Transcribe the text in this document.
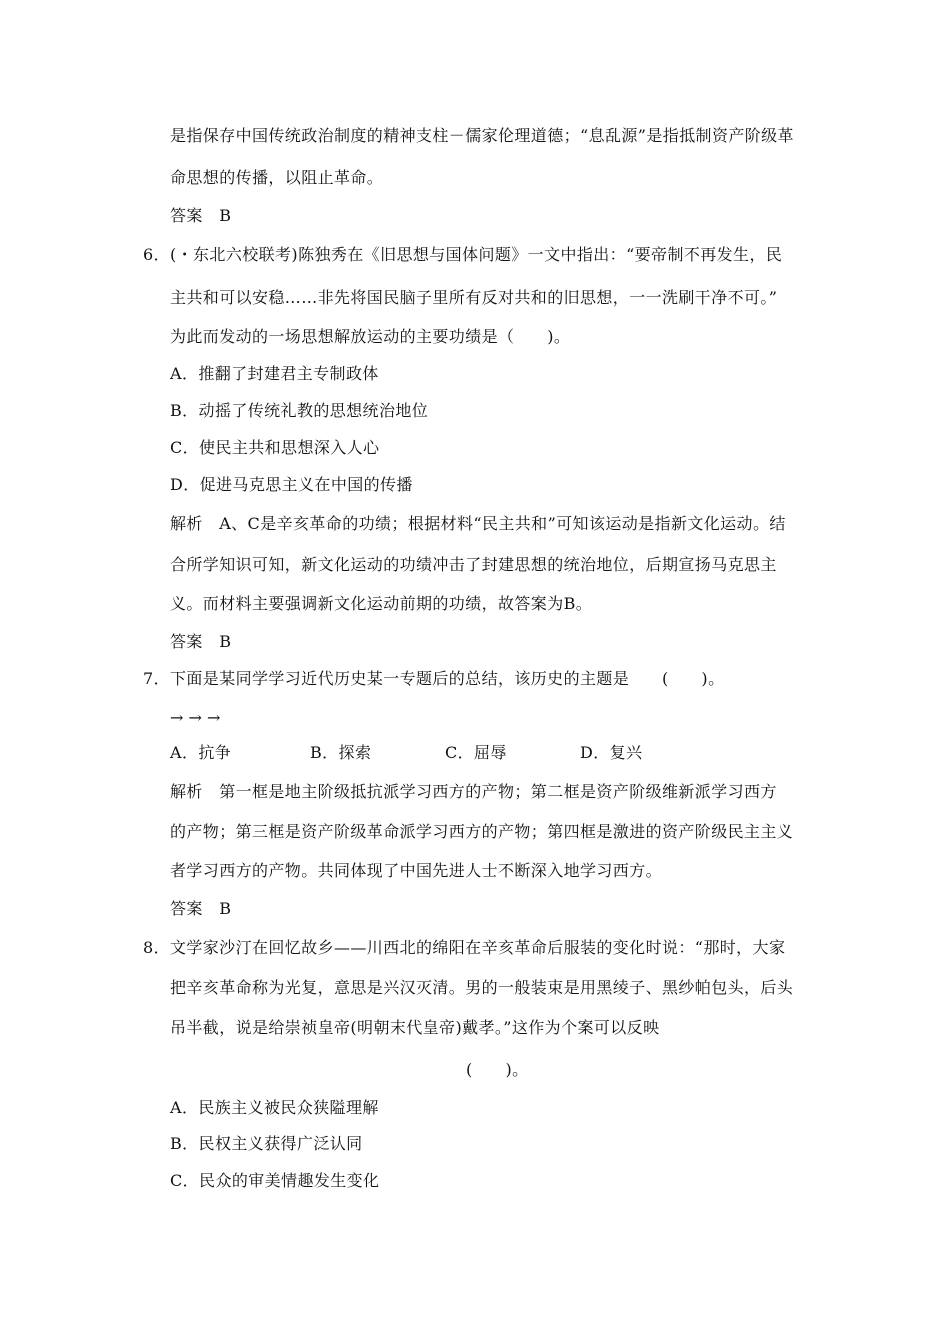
是指保存中国传统政治制度的精神支柱－儒家伦理道德；“息乱源”是指抵制资产阶级革
命思想的传播，以阻止革命。
答案　B
6．(・东北六校联考)陈独秀在《旧思想与国体问题》一文中指出：“要帝制不再发生，民
主共和可以安稳……非先将国民脑子里所有反对共和的旧思想，一一洗刷干净不可。”
为此而发动的一场思想解放运动的主要功绩是（　　)。
A．推翻了封建君主专制政体
B．动摇了传统礼教的思想统治地位
C．使民主共和思想深入人心
D．促进马克思主义在中国的传播
解析　A、C是辛亥革命的功绩；根据材料“民主共和”可知该运动是指新文化运动。结
合所学知识可知，新文化运动的功绩冲击了封建思想的统治地位，后期宣扬马克思主
义。而材料主要强调新文化运动前期的功绩，故答案为B。
答案　B
7．下面是某同学学习近代历史某一专题后的总结，该历史的主题是　　(　　)。
→ → →
A．抗争	B．探索	C．屈辱	D．复兴
解析　第一框是地主阶级抵抗派学习西方的产物；第二框是资产阶级维新派学习西方
的产物；第三框是资产阶级革命派学习西方的产物；第四框是激进的资产阶级民主主义
者学习西方的产物。共同体现了中国先进人士不断深入地学习西方。
答案　B
8．文学家沙汀在回忆故乡——川西北的绵阳在辛亥革命后服装的变化时说：“那时，大家
把辛亥革命称为光复，意思是兴汉灭清。男的一般装束是用黑绫子、黑纱帕包头，后头
吊半截，说是给崇祯皇帝(明朝末代皇帝)戴孝。”这作为个案可以反映
(　　)。
A．民族主义被民众狭隘理解
B．民权主义获得广泛认同
C．民众的审美情趣发生变化
